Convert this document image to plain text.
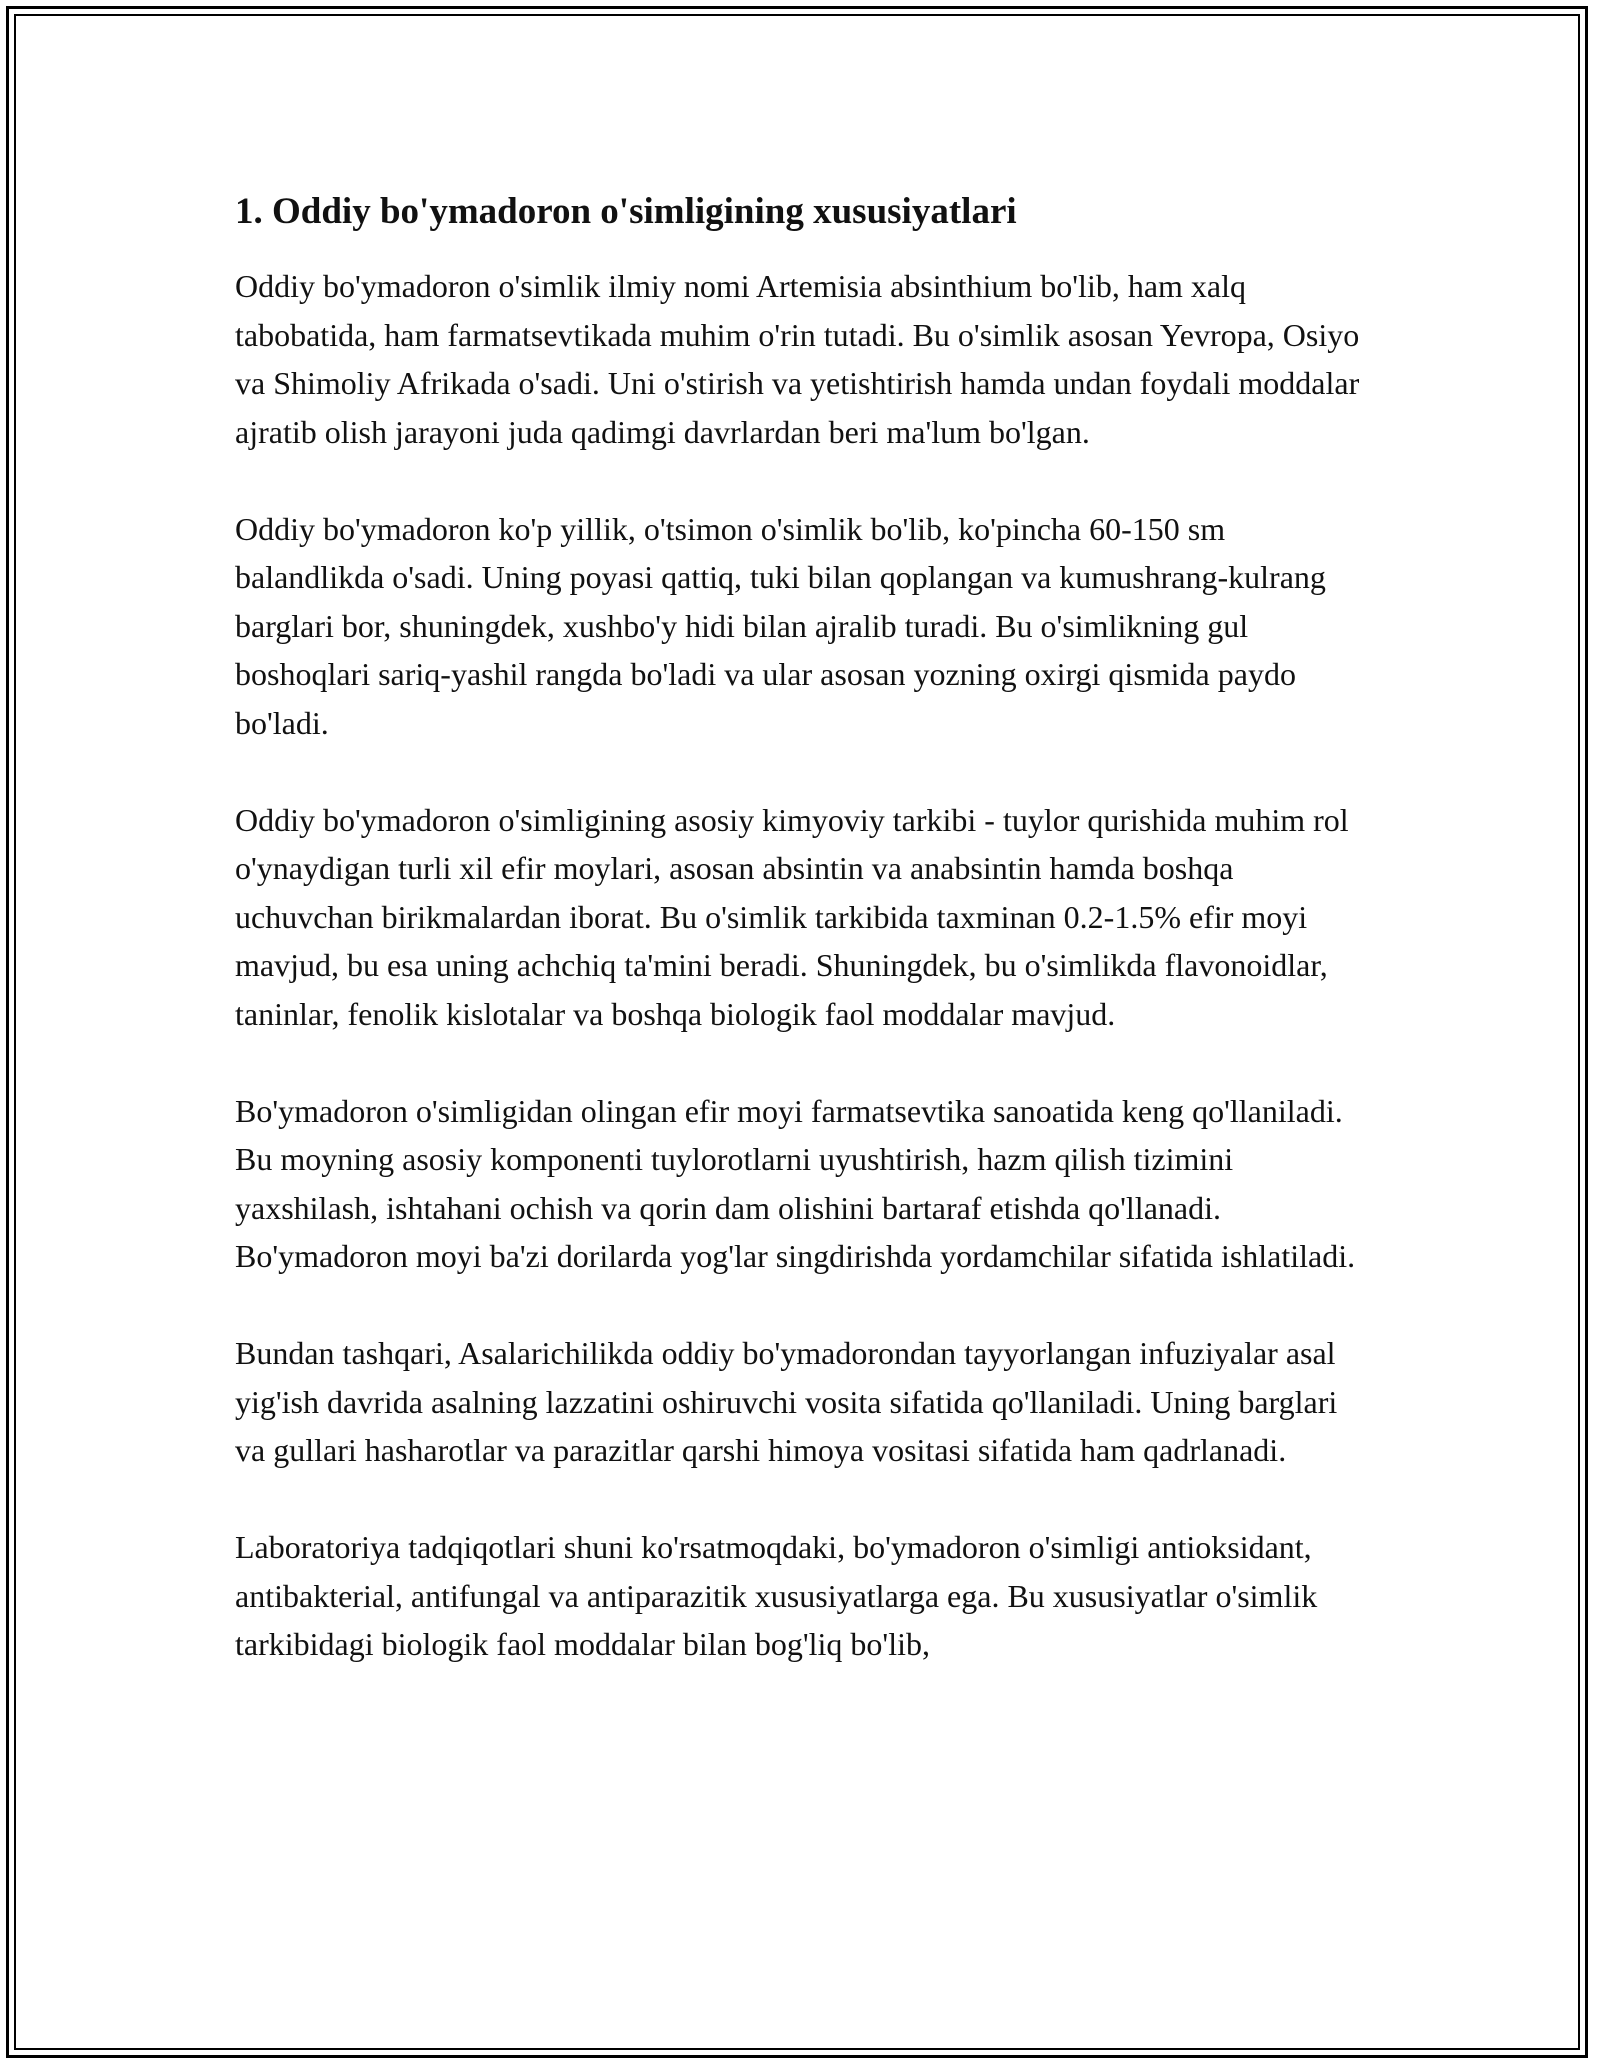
1. Oddiy bo'ymadoron o'simligining xususiyatlari

Oddiy bo'ymadoron o'simlik ilmiy nomi Artemisia absinthium bo'lib, ham xalq tabobatida, ham farmatsevtikada muhim o'rin tutadi. Bu o'simlik asosan Yevropa, Osiyo va Shimoliy Afrikada o'sadi. Uni o'stirish va yetishtirish hamda undan foydali moddalar ajratib olish jarayoni juda qadimgi davrlardan beri ma'lum bo'lgan.

Oddiy bo'ymadoron ko'p yillik, o'tsimon o'simlik bo'lib, ko'pincha 60-150 sm balandlikda o'sadi. Uning poyasi qattiq, tuki bilan qoplangan va kumushrang-kulrang barglari bor, shuningdek, xushbo'y hidi bilan ajralib turadi. Bu o'simlikning gul boshoqlari sariq-yashil rangda bo'ladi va ular asosan yozning oxirgi qismida paydo bo'ladi.

Oddiy bo'ymadoron o'simligining asosiy kimyoviy tarkibi - tuylor qurishida muhim rol o'ynaydigan turli xil efir moylari, asosan absintin va anabsintin hamda boshqa uchuvchan birikmalardan iborat. Bu o'simlik tarkibida taxminan 0.2-1.5% efir moyi mavjud, bu esa uning achchiq ta'mini beradi. Shuningdek, bu o'simlikda flavonoidlar, taninlar, fenolik kislotalar va boshqa biologik faol moddalar mavjud.

Bo'ymadoron o'simligidan olingan efir moyi farmatsevtika sanoatida keng qo'llaniladi. Bu moyning asosiy komponenti tuylorotlarni uyushtirish, hazm qilish tizimini yaxshilash, ishtahani ochish va qorin dam olishini bartaraf etishda qo'llanadi. Bo'ymadoron moyi ba'zi dorilarda yog'lar singdirishda yordamchilar sifatida ishlatiladi.

Bundan tashqari, Asalarichilikda oddiy bo'ymadorondan tayyorlangan infuziyalar asal yig'ish davrida asalning lazzatini oshiruvchi vosita sifatida qo'llaniladi. Uning barglari va gullari hasharotlar va parazitlar qarshi himoya vositasi sifatida ham qadrlanadi.

Laboratoriya tadqiqotlari shuni ko'rsatmoqdaki, bo'ymadoron o'simligi antioksidant, antibakterial, antifungal va antiparazitik xususiyatlarga ega. Bu xususiyatlar o'simlik tarkibidagi biologik faol moddalar bilan bog'liq bo'lib,
